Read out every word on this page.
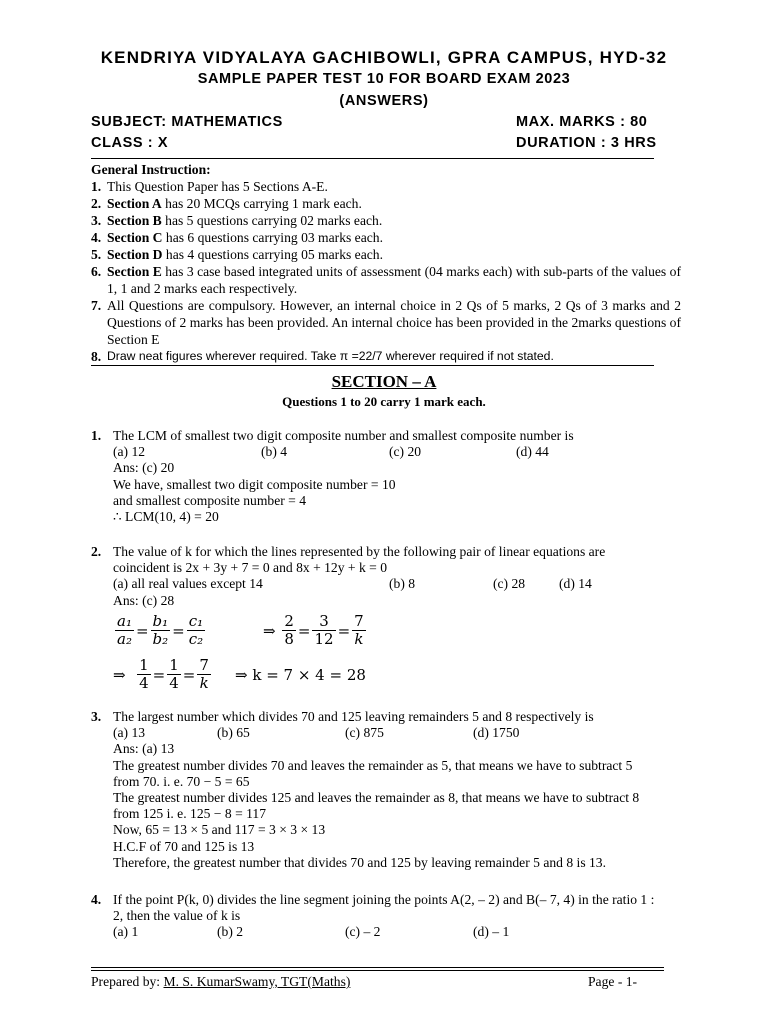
KENDRIYA VIDYALAYA GACHIBOWLI, GPRA CAMPUS, HYD-32
SAMPLE PAPER TEST 10 FOR BOARD EXAM 2023
(ANSWERS)
SUBJECT: MATHEMATICS	MAX. MARKS : 80
CLASS : X	DURATION : 3 HRS
General Instruction:
1. This Question Paper has 5 Sections A-E.
2. Section A has 20 MCQs carrying 1 mark each.
3. Section B has 5 questions carrying 02 marks each.
4. Section C has 6 questions carrying 03 marks each.
5. Section D has 4 questions carrying 05 marks each.
6. Section E has 3 case based integrated units of assessment (04 marks each) with sub-parts of the values of 1, 1 and 2 marks each respectively.
7. All Questions are compulsory. However, an internal choice in 2 Qs of 5 marks, 2 Qs of 3 marks and 2 Questions of 2 marks has been provided. An internal choice has been provided in the 2marks questions of Section E
8. Draw neat figures wherever required. Take π =22/7 wherever required if not stated.
SECTION – A
Questions 1 to 20 carry 1 mark each.
1. The LCM of smallest two digit composite number and smallest composite number is
(a) 12	(b) 4	(c) 20	(d) 44
Ans: (c) 20
We have, smallest two digit composite number = 10
and smallest composite number = 4
∴ LCM(10, 4) = 20
2. The value of k for which the lines represented by the following pair of linear equations are
coincident is 2x + 3y + 7 = 0 and 8x + 12y + k = 0
(a) all real values except 14	(b) 8	(c) 28 (d) 14
Ans: (c) 28
$\frac{\text{a₁}}{\text{a₂}} = \frac{\text{b₁}}{\text{b₂}} = \frac{\text{c₁}}{\text{c₂}}$	⇒
$\frac{2}{8} = \frac{3}{12} = \frac{7}{k}$
⇒
$\frac{1}{4} = \frac{1}{4} = \frac{7}{k}$ ⇒ k = 7 × 4 = 28
3. The largest number which divides 70 and 125 leaving remainders 5 and 8 respectively is
(a) 13	(b) 65	(c) 875	(d) 1750
Ans: (a) 13
The greatest number divides 70 and leaves the remainder as 5, that means we have to subtract 5
from 70. i. e. 70 − 5 = 65
The greatest number divides 125 and leaves the remainder as 8, that means we have to subtract 8
from 125 i. e. 125 − 8 = 117
Now, 65 = 13 × 5 and 117 = 3 × 3 × 13
H.C.F of 70 and 125 is 13
Therefore, the greatest number that divides 70 and 125 by leaving remainder 5 and 8 is 13.
4. If the point P(k, 0) divides the line segment joining the points A(2, – 2) and B(– 7, 4) in the ratio 1 :
2, then the value of k is
(a) 1	(b) 2	(c) – 2	(d) – 1
Prepared by: M. S. KumarSwamy, TGT(Maths)	Page - 1-
